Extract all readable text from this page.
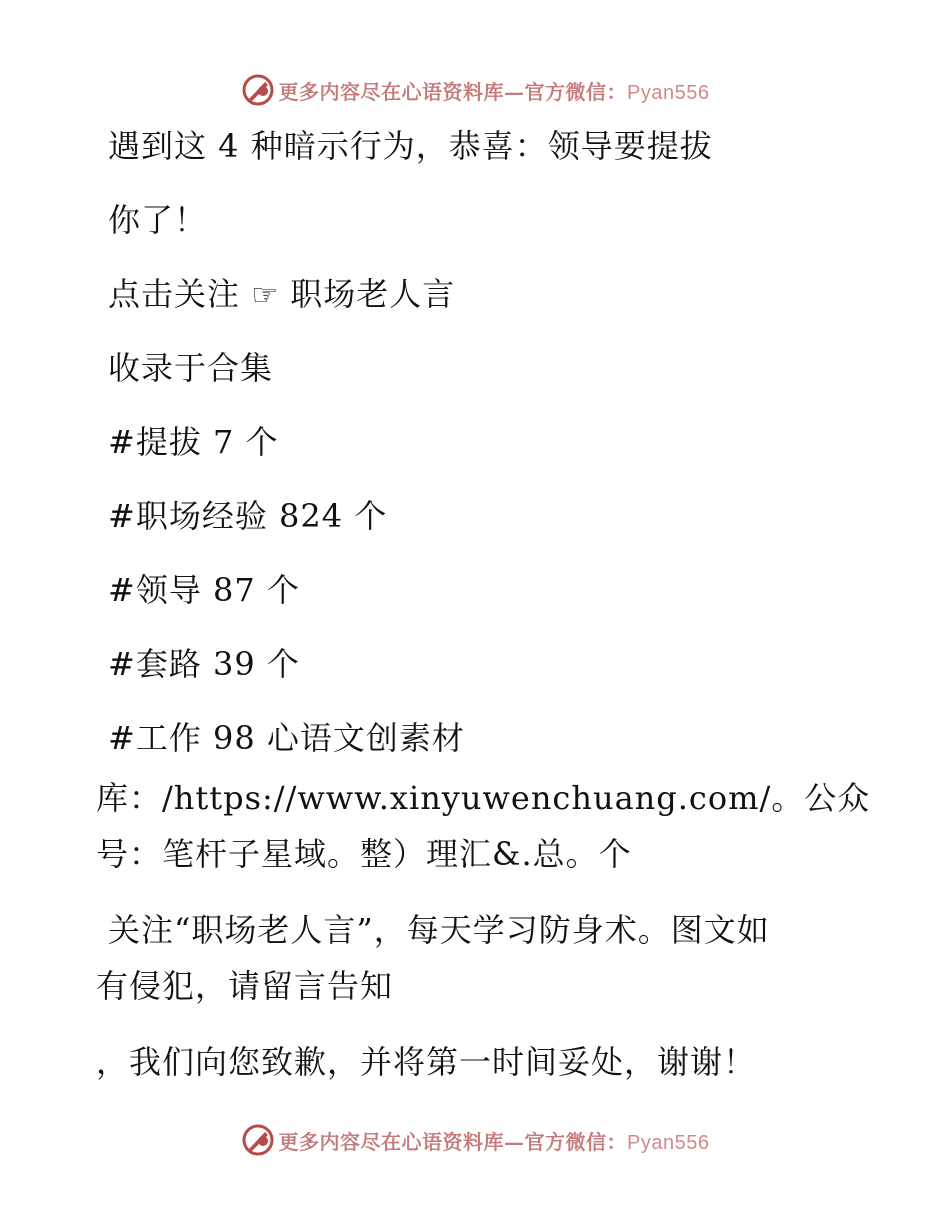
更多内容尽在心语资料库—官方微信：Pyan556
遇到这 4 种暗示行为，恭喜：领导要提拔
你了！
点击关注 ☞ 职场老人言
收录于合集
#提拔 7 个
#职场经验 824 个
#领导 87 个
#套路 39 个
#工作 98 心语文创素材
库：/https://www.xinyuwenchuang.com/。公众
号：笔杆子星域。整）理汇&.总。个
关注“职场老人言”，每天学习防身术。图文如
有侵犯，请留言告知
，我们向您致歉，并将第一时间妥处，谢谢！
更多内容尽在心语资料库—官方微信：Pyan556
